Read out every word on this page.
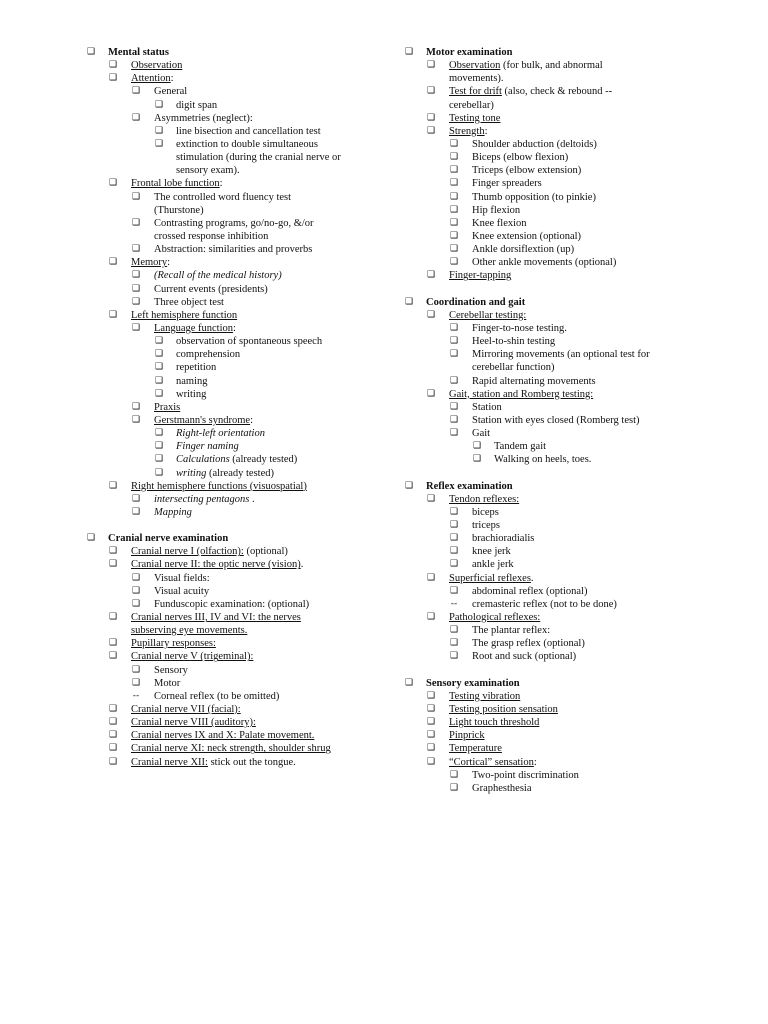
❑ Mental status
❑ Observation
❑ Attention:
❑ General
❑ digit span
❑ Asymmetries (neglect):
❑ line bisection and cancellation test
❑ extinction to double simultaneous
stimulation (during the cranial nerve or
sensory exam).
❑ Frontal lobe function:
❑ The controlled word fluency test
(Thurstone)
❑ Contrasting programs, go/no-go, &/or
crossed response inhibition
❑ Abstraction: similarities and proverbs
❑ Memory:
❑ (Recall of the medical history)
❑ Current events (presidents)
❑ Three object test
❑ Left hemisphere function
❑ Language function:
❑ observation of spontaneous speech
❑ comprehension
❑ repetition
❑ naming
❑ writing
❑ Praxis
❑ Gerstmann's syndrome:
❑ Right-left orientation
❑ Finger naming
❑ Calculations (already tested)
❑ writing (already tested)
❑ Right hemisphere functions (visuospatial)
❑ intersecting pentagons .
❑ Mapping
❑ Cranial nerve examination
❑ Cranial nerve I (olfaction): (optional)
❑ Cranial nerve II: the optic nerve (vision).
❑ Visual fields:
❑ Visual acuity
❑ Funduscopic examination: (optional)
❑ Cranial nerves III, IV and VI: the nerves
subserving eye movements.
❑ Pupillary responses:
❑ Cranial nerve V (trigeminal):
❑ Sensory
❑ Motor
-- Corneal reflex (to be omitted)
❑ Cranial nerve VII (facial):
❑ Cranial nerve VIII (auditory):
❑ Cranial nerves IX and X: Palate movement.
❑ Cranial nerve XI: neck strength, shoulder shrug
❑ Cranial nerve XII: stick out the tongue.
❑ Motor examination
❑ Observation (for bulk, and abnormal
movements).
❑ Test for drift (also, check & rebound --
cerebellar)
❑ Testing tone
❑ Strength:
❑ Shoulder abduction (deltoids)
❑ Biceps (elbow flexion)
❑ Triceps (elbow extension)
❑ Finger spreaders
❑ Thumb opposition (to pinkie)
❑ Hip flexion
❑ Knee flexion
❑ Knee extension (optional)
❑ Ankle dorsiflextion (up)
❑ Other ankle movements (optional)
❑ Finger-tapping
❑ Coordination and gait
❑ Cerebellar testing:
❑ Finger-to-nose testing.
❑ Heel-to-shin testing
❑ Mirroring movements (an optional test for
cerebellar function)
❑ Rapid alternating movements
❑ Gait, station and Romberg testing:
❑ Station
❑ Station with eyes closed (Romberg test)
❑ Gait
❑ Tandem gait
❑ Walking on heels, toes.
❑ Reflex examination
❑ Tendon reflexes:
❑ biceps
❑ triceps
❑ brachioradialis
❑ knee jerk
❑ ankle jerk
❑ Superficial reflexes.
❑ abdominal reflex (optional)
-- cremasteric reflex (not to be done)
❑ Pathological reflexes:
❑ The plantar reflex:
❑ The grasp reflex (optional)
❑ Root and suck (optional)
❑ Sensory examination
❑ Testing vibration
❑ Testing position sensation
❑ Light touch threshold
❑ Pinprick
❑ Temperature
❑ “Cortical” sensation:
❑ Two-point discrimination
❑ Graphesthesia
